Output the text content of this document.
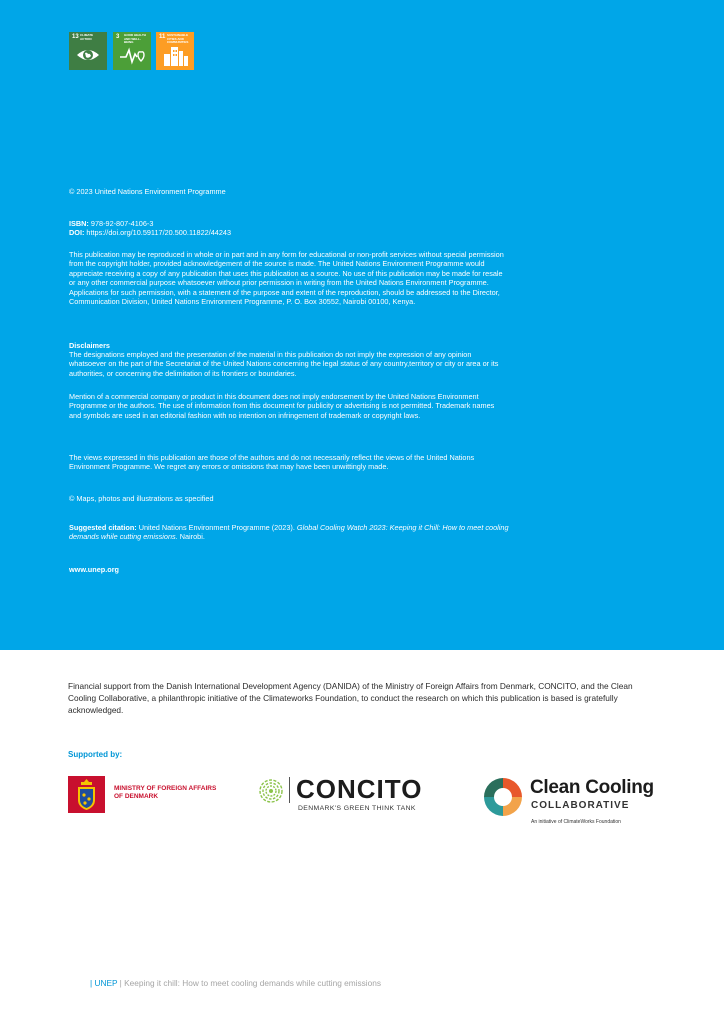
13 CLIMATE ACTION	3 GOOD HEALTH AND WELL-BEING
11 SUSTAINABLE CITIES AND COMMUNITIES
© 2023 United Nations Environment Programme
ISBN: 978-92-807-4106-3
DOI: https://doi.org/10.59117/20.500.11822/44243
This publication may be reproduced in whole or in part and in any form for educational or non-profit services without special permission from the copyright holder, provided acknowledgement of the source is made. The United Nations Environment Programme would appreciate receiving a copy of any publication that uses this publication as a source. No use of this publication may be made for resale or any other commercial purpose whatsoever without prior permission in writing from the United Nations Environment Programme. Applications for such permission, with a statement of the purpose and extent of the reproduction, should be addressed to the Director, Communication Division, United Nations Environment Programme, P. O. Box 30552, Nairobi 00100, Kenya.
Disclaimers
The designations employed and the presentation of the material in this publication do not imply the expression of any opinion whatsoever on the part of the Secretariat of the United Nations concerning the legal status of any country,territory or city or area or its authorities, or concerning the delimitation of its frontiers or boundaries.
Mention of a commercial company or product in this document does not imply endorsement by the United Nations Environment Programme or the authors. The use of information from this document for publicity or advertising is not permitted. Trademark names and symbols are used in an editorial fashion with no intention on infringement of trademark or copyright laws.
The views expressed in this publication are those of the authors and do not necessarily reflect the views of the United Nations Environment Programme. We regret any errors or omissions that may have been unwittingly made.
© Maps, photos and illustrations as specified
Suggested citation: United Nations Environment Programme (2023). Global Cooling Watch 2023: Keeping it Chill: How to meet cooling demands while cutting emissions. Nairobi.
www.unep.org
Financial support from the Danish International Development Agency (DANIDA) of the Ministry of Foreign Affairs from Denmark, CONCITO, and the Clean Cooling Collaborative, a philanthropic initiative of the Climateworks Foundation, to conduct the research on which this publication is based is gratefully acknowledged.
Supported by:
MINISTRY OF FOREIGN AFFAIRS
OF DENMARK	CONCITO
DENMARK'S GREEN THINK TANK
Clean Cooling
COLLABORATIVE
An initiative of ClimateWorks Foundation
| UNEP | Keeping it chill: How to meet cooling demands while cutting emissions
